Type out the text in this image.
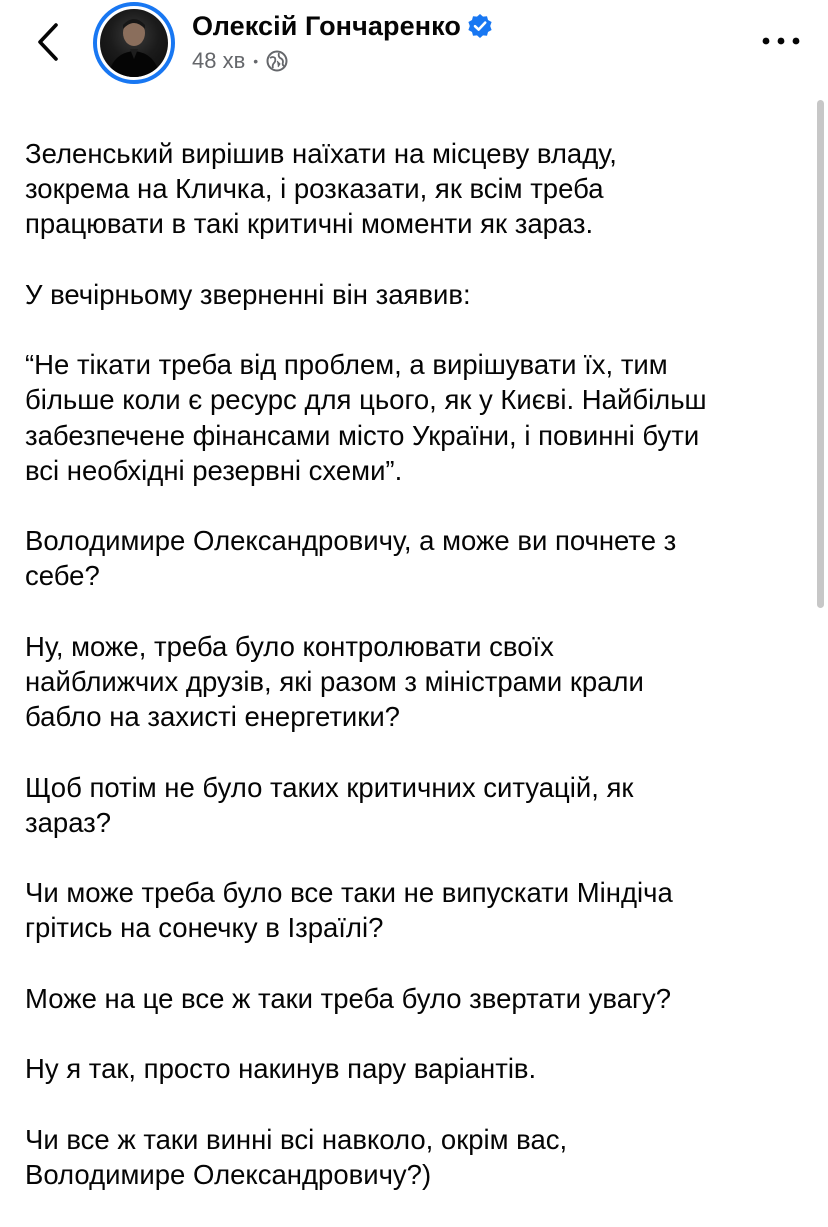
Олексій Гончаренко
48 хв •

Зеленський вирішив наїхати на місцеву владу,
зокрема на Кличка, і розказати, як всім треба
працювати в такі критичні моменти як зараз.

У вечірньому зверненні він заявив:

“Не тікати треба від проблем, а вирішувати їх, тим
більше коли є ресурс для цього, як у Києві. Найбільш
забезпечене фінансами місто України, і повинні бути
всі необхідні резервні схеми”.

Володимире Олександровичу, а може ви почнете з
себе?

Ну, може, треба було контролювати своїх
найближчих друзів, які разом з міністрами крали
бабло на захисті енергетики?

Щоб потім не було таких критичних ситуацій, як
зараз?

Чи може треба було все таки не випускати Міндіча
грітись на сонечку в Ізраїлі?

Може на це все ж таки треба було звертати увагу?

Ну я так, просто накинув пару варіантів.

Чи все ж таки винні всі навколо, окрім вас,
Володимире Олександровичу?)
